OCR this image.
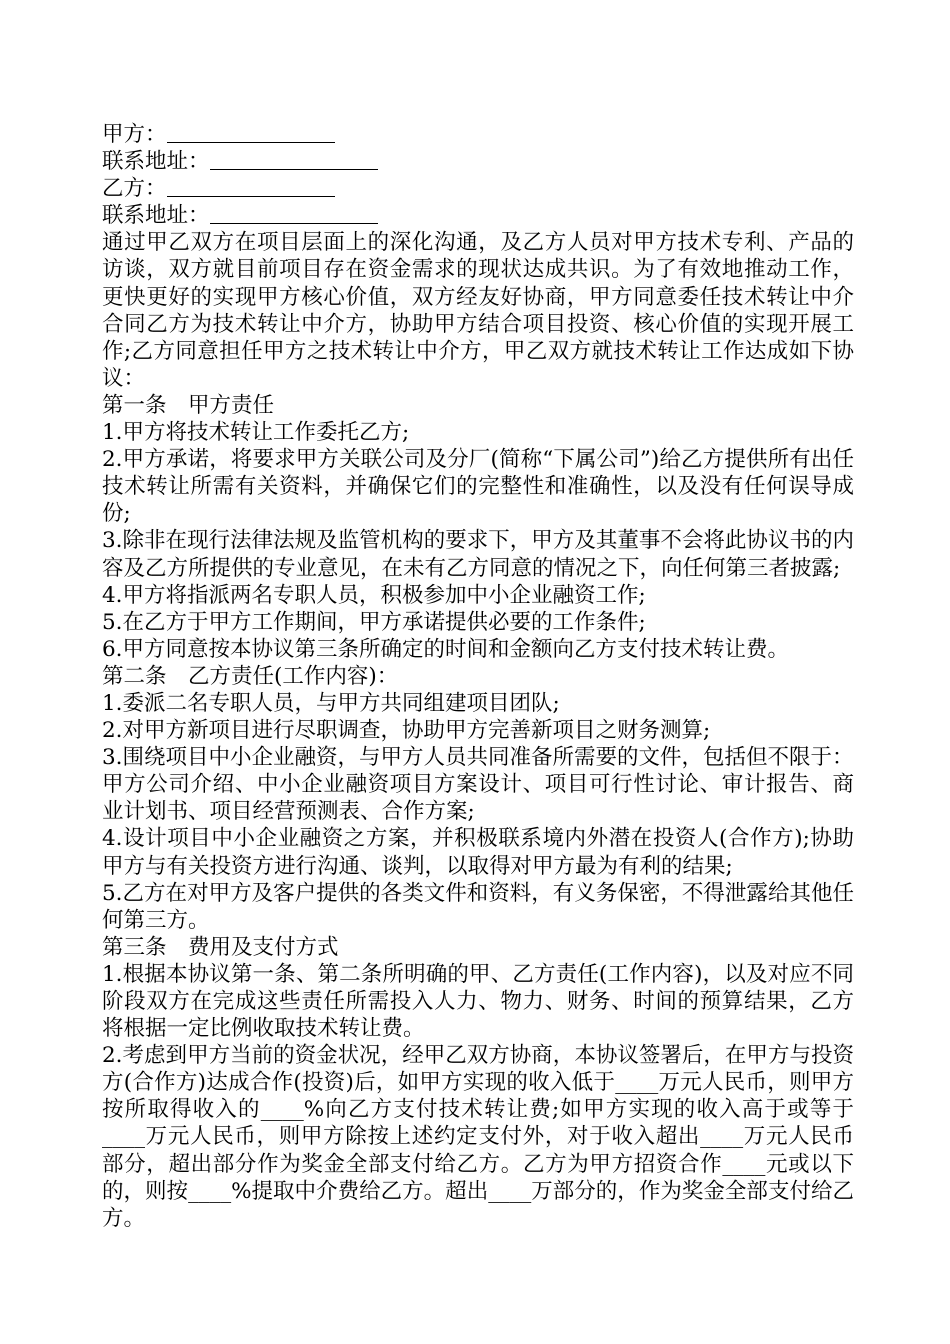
甲方：
联系地址：
乙方：
联系地址：
通过甲乙双方在项目层面上的深化沟通，及乙方人员对甲方技术专利、产品的访谈，双方就目前项目存在资金需求的现状达成共识。为了有效地推动工作，更快更好的实现甲方核心价值，双方经友好协商，甲方同意委任技术转让中介合同乙方为技术转让中介方，协助甲方结合项目投资、核心价值的实现开展工作;乙方同意担任甲方之技术转让中介方，甲乙双方就技术转让工作达成如下协议：
第一条　甲方责任
1.甲方将技术转让工作委托乙方;
2.甲方承诺，将要求甲方关联公司及分厂(简称“下属公司”)给乙方提供所有出任技术转让所需有关资料，并确保它们的完整性和准确性，以及没有任何误导成份;
3.除非在现行法律法规及监管机构的要求下，甲方及其董事不会将此协议书的内容及乙方所提供的专业意见，在未有乙方同意的情况之下，向任何第三者披露;
4.甲方将指派两名专职人员，积极参加中小企业融资工作;
5.在乙方于甲方工作期间，甲方承诺提供必要的工作条件;
6.甲方同意按本协议第三条所确定的时间和金额向乙方支付技术转让费。
第二条　乙方责任(工作内容)：
1.委派二名专职人员，与甲方共同组建项目团队;
2.对甲方新项目进行尽职调查，协助甲方完善新项目之财务测算;
3.围绕项目中小企业融资，与甲方人员共同准备所需要的文件，包括但不限于：
甲方公司介绍、中小企业融资项目方案设计、项目可行性讨论、审计报告、商业计划书、项目经营预测表、合作方案;
4.设计项目中小企业融资之方案，并积极联系境内外潜在投资人(合作方);协助甲方与有关投资方进行沟通、谈判，以取得对甲方最为有利的结果;
5.乙方在对甲方及客户提供的各类文件和资料，有义务保密，不得泄露给其他任何第三方。
第三条　费用及支付方式
1.根据本协议第一条、第二条所明确的甲、乙方责任(工作内容)，以及对应不同阶段双方在完成这些责任所需投入人力、物力、财务、时间的预算结果，乙方将根据一定比例收取技术转让费。
2.考虑到甲方当前的资金状况，经甲乙双方协商，本协议签署后，在甲方与投资方(合作方)达成合作(投资)后，如甲方实现的收入低于____万元人民币，则甲方按所取得收入的____%向乙方支付技术转让费;如甲方实现的收入高于或等于____万元人民币，则甲方除按上述约定支付外，对于收入超出____万元人民币部分，超出部分作为奖金全部支付给乙方。乙方为甲方招资合作____元或以下的，则按____%提取中介费给乙方。超出____万部分的，作为奖金全部支付给乙方。
